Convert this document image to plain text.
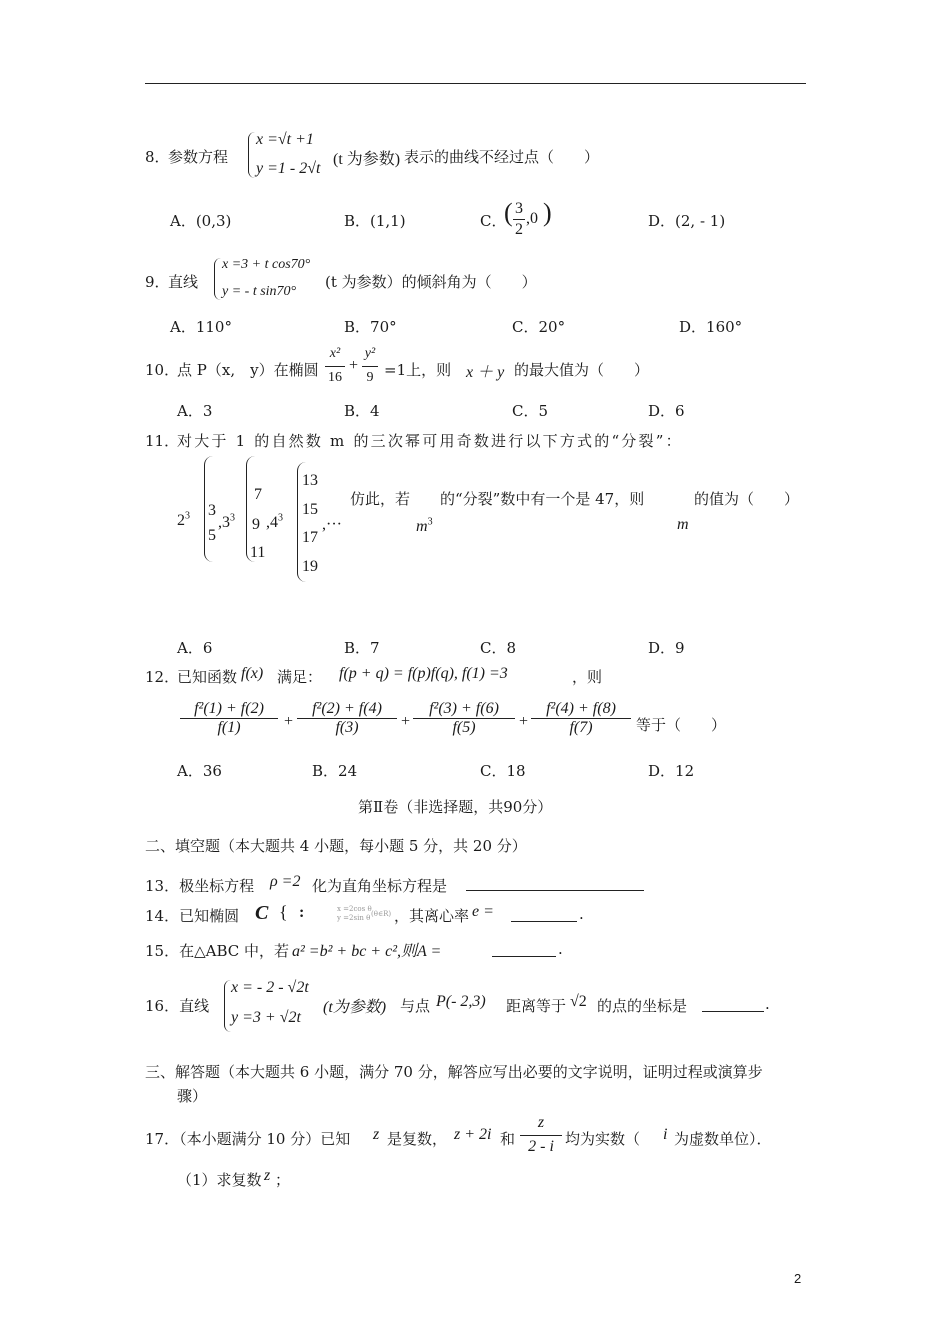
8．
参数方程
x =√t +1
y =1 - 2√t
(t 为参数) 表示的曲线不经过点（　　）
A．(0,3)	B．(1,1)	C．
( 3
2
,0 )	D．(2, - 1)
9．
直线
x =3 + t cos70°
y = - t sin70°
(t 为参数）的倾斜角为（　　）
A．110°	B．70°	C．20°	D．160°
10．
点 P（x,　y）在椭圆
x²
16
+
y²
9 =1上，则 x ＋ y 的最大值为（　　）
A．3	B．4	C．5	D．6
11．
对大于 1 的自然数 m 的三次幂可用奇数进行以下方式的“分裂”：
$2^3$ 3
5
$,3^3$
7
9
11
$,4^3$
13
15
17
19
,···
仿此，若 的“分裂”数中有一个是 47，则	的值为（　　）
$m^3$	m
A．6	B．7	C．8	D．9
12．
已知函数 f(x) 满足： f(p + q) = f(p)f(q), f(1) =3	，则
$\frac{\text{f²(1) + f(2)}}{f(1)} + \frac{\text{f²(2) + f(4)}}{f(3)} + \frac{\text{f²(3) + f(6)}}{f(5)} + \frac{\text{f²(4) + f(8)}}{f(7)}$ 等于（　　）
A．36	B．24	C．18	D．12
第Ⅱ卷（非选择题，共90分）
二、填空题（本大题共 4 小题，每小题 5 分，共 20 分）
13．极坐标方程 ρ =2 化为直角坐标方程是
14．已知椭圆 C { :	x =2cos θ
y =2sin θ (θ∈R) ，其离心率 e =	.
15．在△ABC 中，若 a² =b² + bc + c²,则A =	.
16．直线
x = - 2 - √2t
y =3 + √2t
(t为参数) 与点 P(- 2,3) 距离等于 √2 的点的坐标是	.
三、解答题（本大题共 6 小题，满分 70 分，解答应写出必要的文字说明，证明过程或演算步
骤）
17．（本小题满分 10 分）已知 z 是复数， z + 2i 和
z
2 - i 均为实数（ i 为虚数单位）．
（1）求复数 z ；
2
